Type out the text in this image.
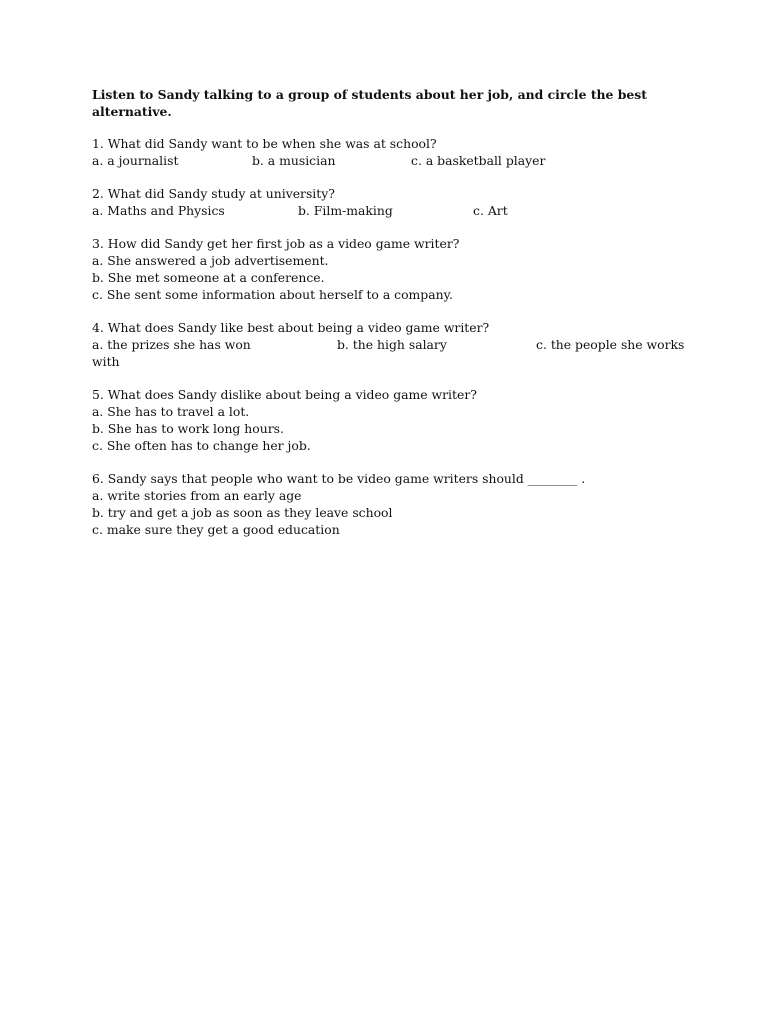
Listen to Sandy talking to a group of students about her job, and circle the best alternative.

1. What did Sandy want to be when she was at school?
a. a journalist	b. a musician	c. a basketball player
2. What did Sandy study at university?
a. Maths and Physics	b. Film-making	c. Art
3. How did Sandy get her first job as a video game writer?
a. She answered a job advertisement.
b. She met someone at a conference.
c. She sent some information about herself to a company.
4. What does Sandy like best about being a video game writer?
a. the prizes she has won	b. the high salary	c. the people she works with
5. What does Sandy dislike about being a video game writer?
a. She has to travel a lot.
b. She has to work long hours.
c. She often has to change her job.
6. Sandy says that people who want to be video game writers should ________ .
a. write stories from an early age
b. try and get a job as soon as they leave school
c. make sure they get a good education
